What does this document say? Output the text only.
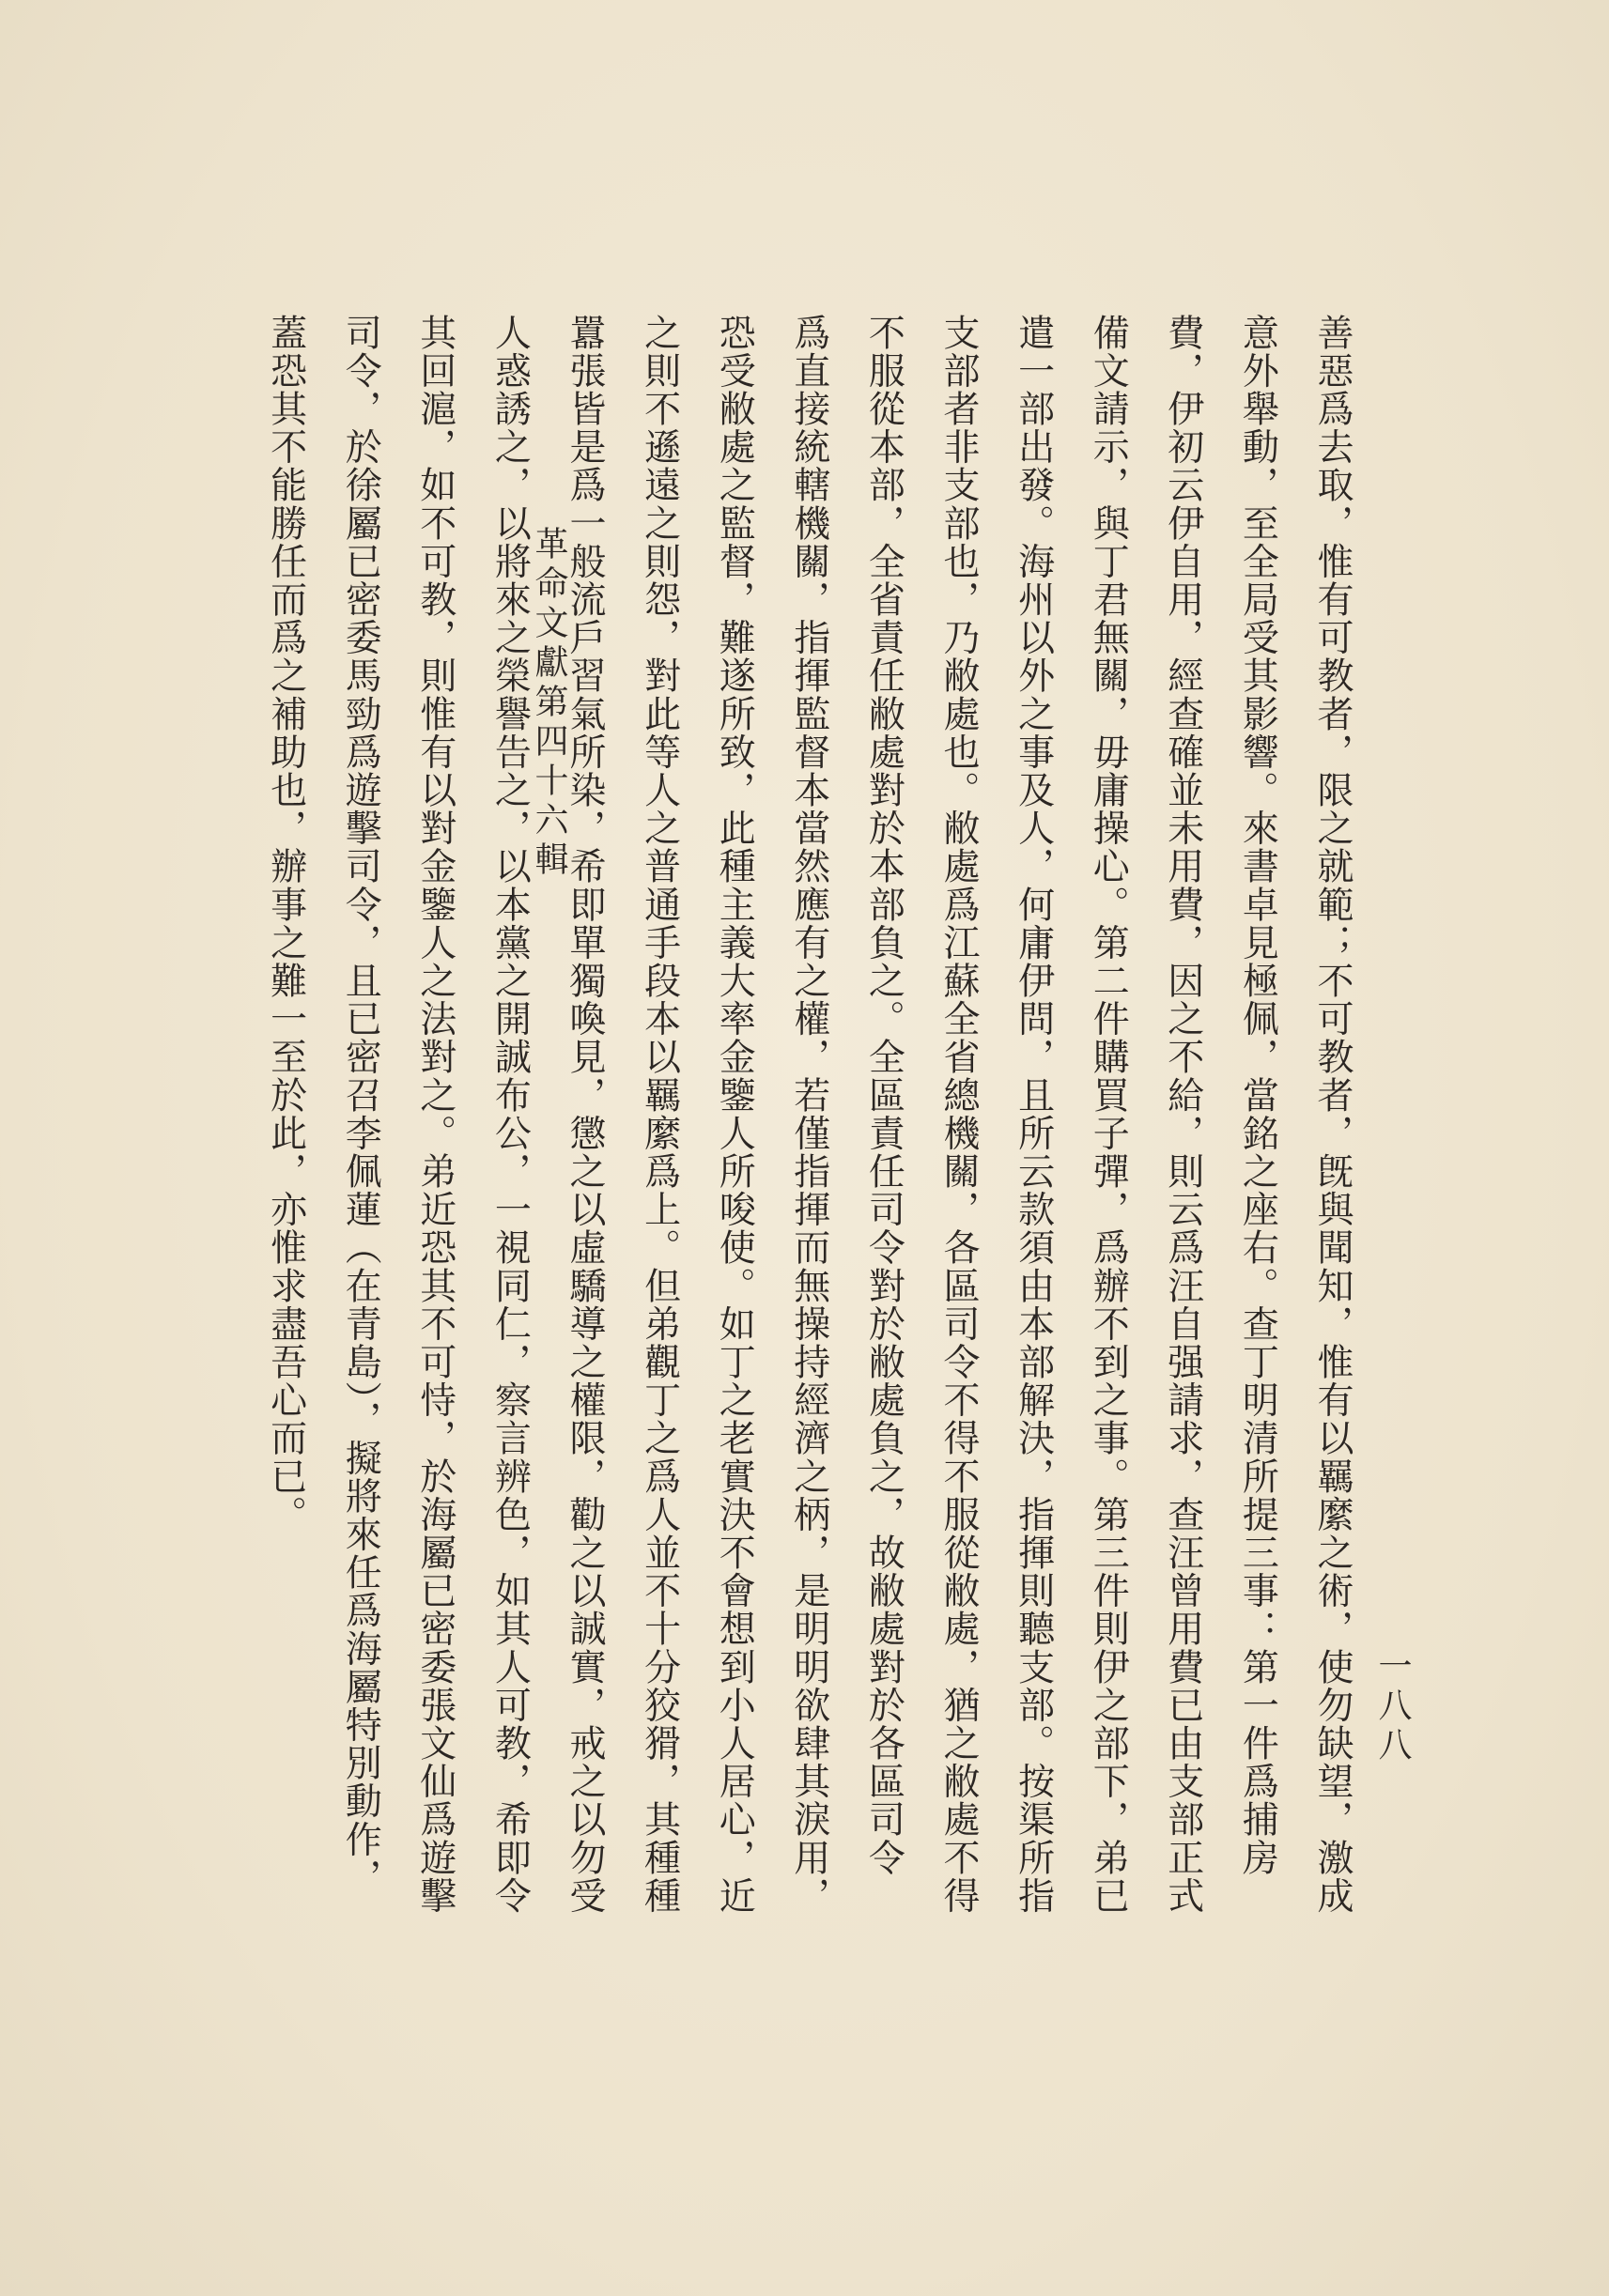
革命文獻第四十六輯
一八八
善惡爲去取，惟有可教者，限之就範；不可教者，旣與聞知，惟有以羈縻之術，使勿缺望，激成
意外舉動，至全局受其影響。來書卓見極佩，當銘之座右。查丁明清所提三事：第一件爲捕房
費，伊初云伊自用，經查確並未用費，因之不給，則云爲汪自强請求，查汪曾用費已由支部正式
備文請示，與丁君無關，毋庸操心。第二件購買子彈，爲辦不到之事。第三件則伊之部下，弟已
遣一部出發。海州以外之事及人，何庸伊問，且所云款須由本部解決，指揮則聽支部。按渠所指
支部者非支部也，乃敝處也。敝處爲江蘇全省總機關，各區司令不得不服從敝處，猶之敝處不得
不服從本部，全省責任敝處對於本部負之。全區責任司令對於敝處負之，故敝處對於各區司令
爲直接統轄機關，指揮監督本當然應有之權，若僅指揮而無操持經濟之柄，是明明欲肆其淚用，
恐受敝處之監督，難遂所致，此種主義大率金鑒人所唆使。如丁之老實決不會想到小人居心，近
之則不遜遠之則怨，對此等人之普通手段本以羈縻爲上。但弟觀丁之爲人並不十分狡猾，其種種
囂張皆是爲一般流戶習氣所染，希即單獨喚見，懲之以虛驕導之權限，勸之以誠實，戒之以勿受
人惑誘之，以將來之榮譽告之，以本黨之開誠布公，一視同仁，察言辨色，如其人可教，希即令
其回滬，如不可教，則惟有以對金鑒人之法對之。弟近恐其不可恃，於海屬已密委張文仙爲遊擊
司令，於徐屬已密委馬勁爲遊擊司令，且已密召李佩蓮（在青島），擬將來任爲海屬特別動作，
蓋恐其不能勝任而爲之補助也，辦事之難一至於此，亦惟求盡吾心而已。
